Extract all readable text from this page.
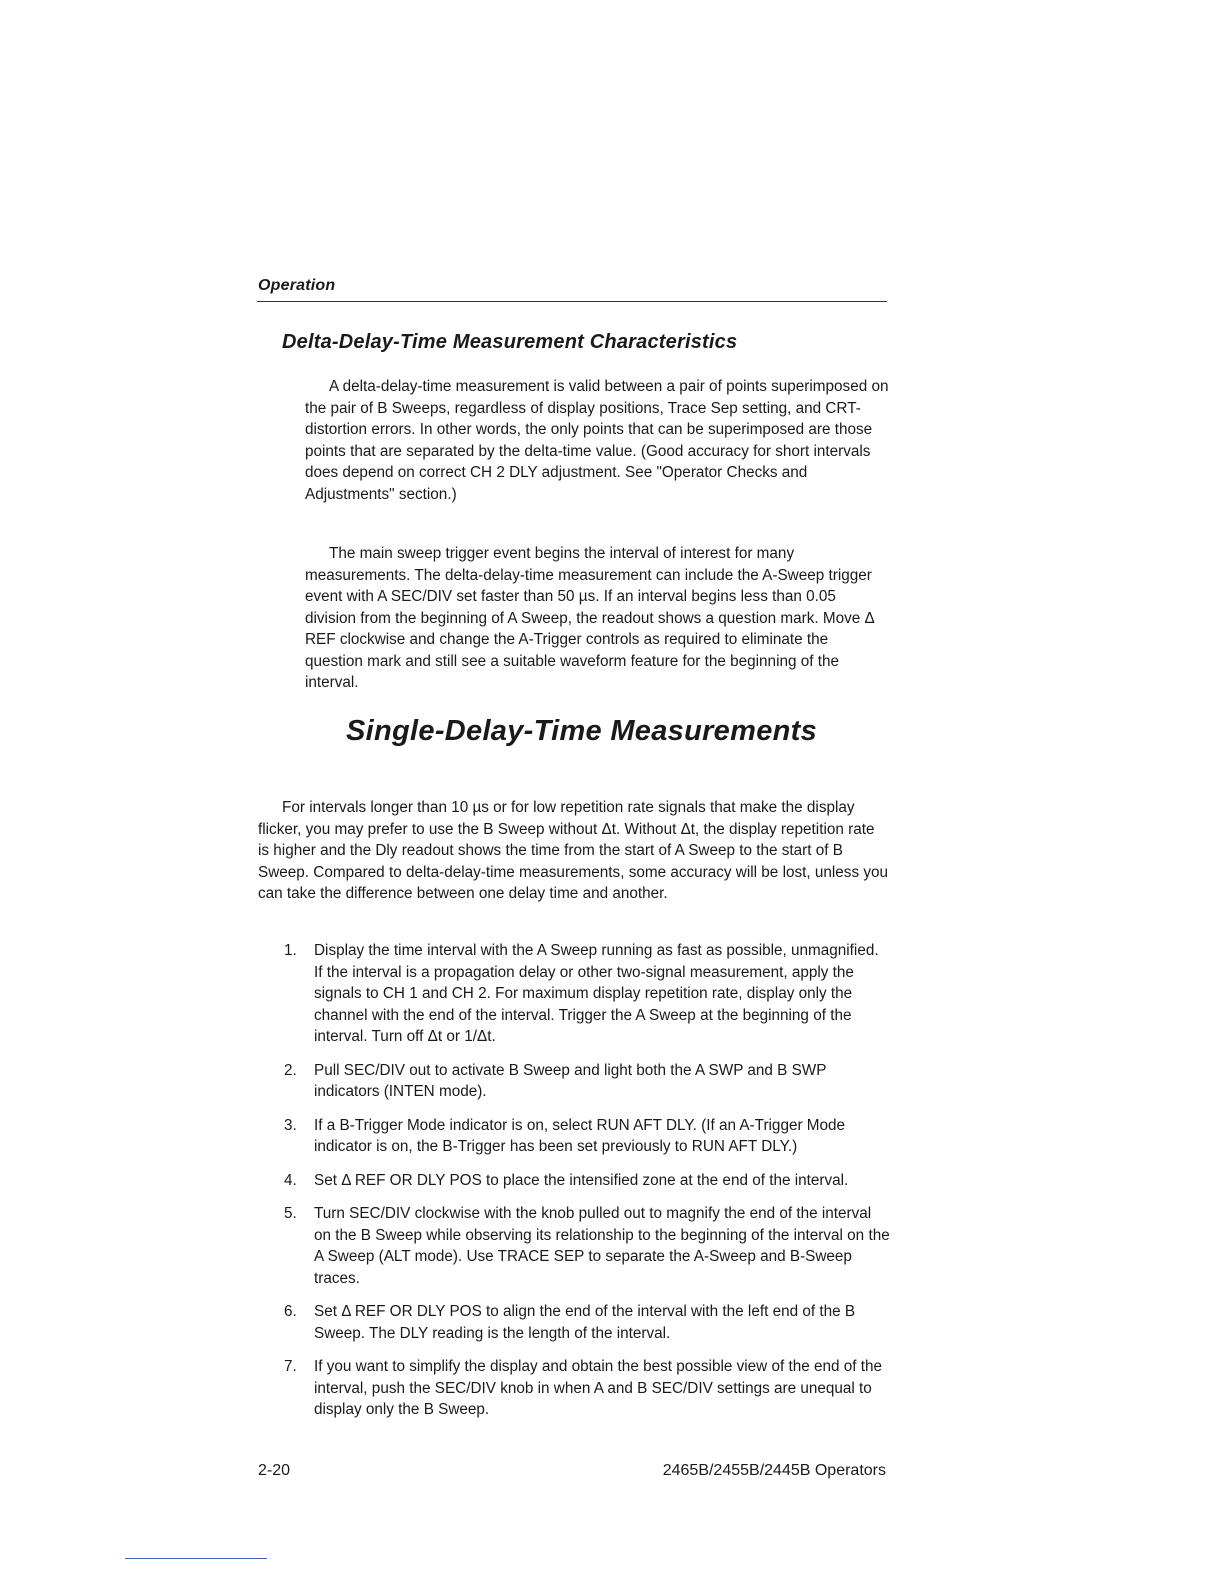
Operation
Delta-Delay-Time Measurement Characteristics

A delta-delay-time measurement is valid between a pair of points superimposed on the pair of B Sweeps, regardless of display positions, Trace Sep setting, and CRT-distortion errors. In other words, the only points that can be superimposed are those points that are separated by the delta-time value. (Good accuracy for short intervals does depend on correct CH 2 DLY adjustment. See "Operator Checks and Adjustments" section.)

The main sweep trigger event begins the interval of interest for many measurements. The delta-delay-time measurement can include the A-Sweep trigger event with A SEC/DIV set faster than 50 µs. If an interval begins less than 0.05 division from the beginning of A Sweep, the readout shows a question mark. Move Δ REF clockwise and change the A-Trigger controls as required to eliminate the question mark and still see a suitable waveform feature for the beginning of the interval.

Single-Delay-Time Measurements

For intervals longer than 10 µs or for low repetition rate signals that make the display flicker, you may prefer to use the B Sweep without Δt. Without Δt, the display repetition rate is higher and the Dly readout shows the time from the start of A Sweep to the start of B Sweep. Compared to delta-delay-time measurements, some accuracy will be lost, unless you can take the difference between one delay time and another.

1. Display the time interval with the A Sweep running as fast as possible, unmagnified. If the interval is a propagation delay or other two-signal measurement, apply the signals to CH 1 and CH 2. For maximum display repetition rate, display only the channel with the end of the interval. Trigger the A Sweep at the beginning of the interval. Turn off Δt or 1/Δt.
2. Pull SEC/DIV out to activate B Sweep and light both the A SWP and B SWP indicators (INTEN mode).
3. If a B-Trigger Mode indicator is on, select RUN AFT DLY. (If an A-Trigger Mode indicator is on, the B-Trigger has been set previously to RUN AFT DLY.)
4. Set Δ REF OR DLY POS to place the intensified zone at the end of the interval.
5. Turn SEC/DIV clockwise with the knob pulled out to magnify the end of the interval on the B Sweep while observing its relationship to the beginning of the interval on the A Sweep (ALT mode). Use TRACE SEP to separate the A-Sweep and B-Sweep traces.
6. Set Δ REF OR DLY POS to align the end of the interval with the left end of the B Sweep. The DLY reading is the length of the interval.
7. If you want to simplify the display and obtain the best possible view of the end of the interval, push the SEC/DIV knob in when A and B SEC/DIV settings are unequal to display only the B Sweep.
2-20	2465B/2455B/2445B Operators
